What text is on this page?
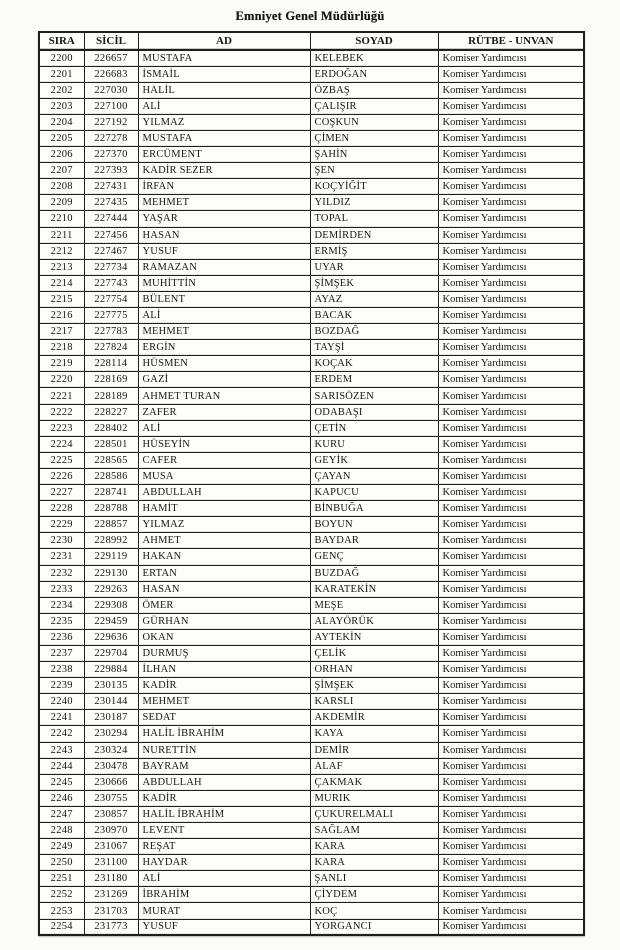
Emniyet Genel Müdürlüğü
SIRA	SİCİL	AD	SOYAD	RÜTBE - UNVAN
2200	226657	MUSTAFA	KELEBEK	Komiser Yardımcısı
2201	226683	İSMAİL	ERDOĞAN	Komiser Yardımcısı
2202	227030	HALİL	ÖZBAŞ	Komiser Yardımcısı
2203	227100	ALİ	ÇALIŞIR	Komiser Yardımcısı
2204	227192	YILMAZ	COŞKUN	Komiser Yardımcısı
2205	227278	MUSTAFA	ÇİMEN	Komiser Yardımcısı
2206	227370	ERCÜMENT	ŞAHİN	Komiser Yardımcısı
2207	227393	KADİR SEZER	ŞEN	Komiser Yardımcısı
2208	227431	İRFAN	KOÇYİĞİT	Komiser Yardımcısı
2209	227435	MEHMET	YILDIZ	Komiser Yardımcısı
2210	227444	YAŞAR	TOPAL	Komiser Yardımcısı
2211	227456	HASAN	DEMİRDEN	Komiser Yardımcısı
2212	227467	YUSUF	ERMİŞ	Komiser Yardımcısı
2213	227734	RAMAZAN	UYAR	Komiser Yardımcısı
2214	227743	MUHİTTİN	ŞİMŞEK	Komiser Yardımcısı
2215	227754	BÜLENT	AYAZ	Komiser Yardımcısı
2216	227775	ALİ	BACAK	Komiser Yardımcısı
2217	227783	MEHMET	BOZDAĞ	Komiser Yardımcısı
2218	227824	ERGİN	TAYŞİ	Komiser Yardımcısı
2219	228114	HÜSMEN	KOÇAK	Komiser Yardımcısı
2220	228169	GAZİ	ERDEM	Komiser Yardımcısı
2221	228189	AHMET TURAN	SARISÖZEN	Komiser Yardımcısı
2222	228227	ZAFER	ODABAŞI	Komiser Yardımcısı
2223	228402	ALİ	ÇETİN	Komiser Yardımcısı
2224	228501	HÜSEYİN	KURU	Komiser Yardımcısı
2225	228565	CAFER	GEYİK	Komiser Yardımcısı
2226	228586	MUSA	ÇAYAN	Komiser Yardımcısı
2227	228741	ABDULLAH	KAPUCU	Komiser Yardımcısı
2228	228788	HAMİT	BİNBUĞA	Komiser Yardımcısı
2229	228857	YILMAZ	BOYUN	Komiser Yardımcısı
2230	228992	AHMET	BAYDAR	Komiser Yardımcısı
2231	229119	HAKAN	GENÇ	Komiser Yardımcısı
2232	229130	ERTAN	BUZDAĞ	Komiser Yardımcısı
2233	229263	HASAN	KARATEKİN	Komiser Yardımcısı
2234	229308	ÖMER	MEŞE	Komiser Yardımcısı
2235	229459	GÜRHAN	ALAYÖRÜK	Komiser Yardımcısı
2236	229636	OKAN	AYTEKİN	Komiser Yardımcısı
2237	229704	DURMUŞ	ÇELİK	Komiser Yardımcısı
2238	229884	İLHAN	ORHAN	Komiser Yardımcısı
2239	230135	KADİR	ŞİMŞEK	Komiser Yardımcısı
2240	230144	MEHMET	KARSLI	Komiser Yardımcısı
2241	230187	SEDAT	AKDEMİR	Komiser Yardımcısı
2242	230294	HALİL İBRAHİM	KAYA	Komiser Yardımcısı
2243	230324	NURETTİN	DEMİR	Komiser Yardımcısı
2244	230478	BAYRAM	ALAF	Komiser Yardımcısı
2245	230666	ABDULLAH	ÇAKMAK	Komiser Yardımcısı
2246	230755	KADİR	MURIK	Komiser Yardımcısı
2247	230857	HALİL İBRAHİM	ÇUKURELMALI	Komiser Yardımcısı
2248	230970	LEVENT	SAĞLAM	Komiser Yardımcısı
2249	231067	REŞAT	KARA	Komiser Yardımcısı
2250	231100	HAYDAR	KARA	Komiser Yardımcısı
2251	231180	ALİ	ŞANLI	Komiser Yardımcısı
2252	231269	İBRAHİM	ÇİYDEM	Komiser Yardımcısı
2253	231703	MURAT	KOÇ	Komiser Yardımcısı
2254	231773	YUSUF	YORGANCI	Komiser Yardımcısı
